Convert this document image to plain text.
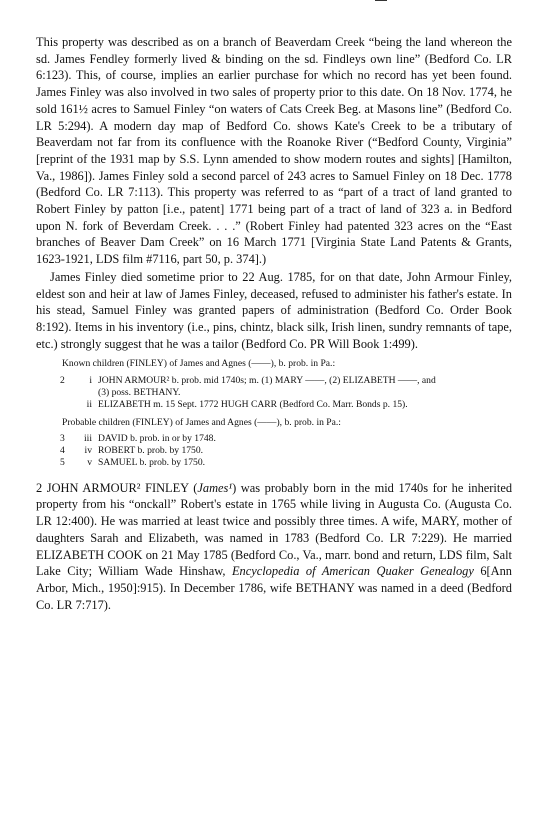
This property was described as on a branch of Beaverdam Creek “being the land whereon the sd. James Fendley formerly lived & binding on the sd. Findleys own line” (Bedford Co. LR 6:123). This, of course, implies an earlier purchase for which no record has yet been found. James Finley was also involved in two sales of property prior to this date. On 18 Nov. 1774, he sold 161½ acres to Samuel Finley “on waters of Cats Creek Beg. at Masons line” (Bedford Co. LR 5:294). A modern day map of Bedford Co. shows Kate's Creek to be a tributary of Beaverdam not far from its confluence with the Roanoke River (“Bedford County, Virginia” [reprint of the 1931 map by S.S. Lynn amended to show modern routes and sights] [Hamilton, Va., 1986]). James Finley sold a second parcel of 243 acres to Samuel Finley on 18 Dec. 1778 (Bedford Co. LR 7:113). This property was referred to as “part of a tract of land granted to Robert Finley by patton [i.e., patent] 1771 being part of a tract of land of 323 a. in Bedford upon N. fork of Beverdam Creek. . . .” (Robert Finley had patented 323 acres on the “East branches of Beaver Dam Creek” on 16 March 1771 [Virginia State Land Patents & Grants, 1623-1921, LDS film #7116, part 50, p. 374].)

James Finley died sometime prior to 22 Aug. 1785, for on that date, John Armour Finley, eldest son and heir at law of James Finley, deceased, refused to administer his father's estate. In his stead, Samuel Finley was granted papers of administration (Bedford Co. Order Book 8:192). Items in his inventory (i.e., pins, chintz, black silk, Irish linen, sundry remnants of tape, etc.) strongly suggest that he was a tailor (Bedford Co. PR Will Book 1:499).

Known children (FINLEY) of James and Agnes (——), b. prob. in Pa.:
2	i JOHN ARMOUR² b. prob. mid 1740s; m. (1) MARY ——, (2) ELIZABETH ——, and
(3) poss. BETHANY.
ii ELIZABETH m. 15 Sept. 1772 HUGH CARR (Bedford Co. Marr. Bonds p. 15).
Probable children (FINLEY) of James and Agnes (——), b. prob. in Pa.:
3	iii DAVID b. prob. in or by 1748.
4	iv ROBERT b. prob. by 1750.
5	v SAMUEL b. prob. by 1750.

2 JOHN ARMOUR² FINLEY (James¹) was probably born in the mid 1740s for he inherited property from his “onckall” Robert's estate in 1765 while living in Augusta Co. (Augusta Co. LR 12:400). He was married at least twice and possibly three times. A wife, MARY, mother of daughters Sarah and Elizabeth, was named in 1783 (Bedford Co. LR 7:229). He married ELIZABETH COOK on 21 May 1785 (Bedford Co., Va., marr. bond and return, LDS film, Salt Lake City; William Wade Hinshaw, Encyclopedia of American Quaker Genealogy 6[Ann Arbor, Mich., 1950]:915). In December 1786, wife BETHANY was named in a deed (Bedford Co. LR 7:717).
